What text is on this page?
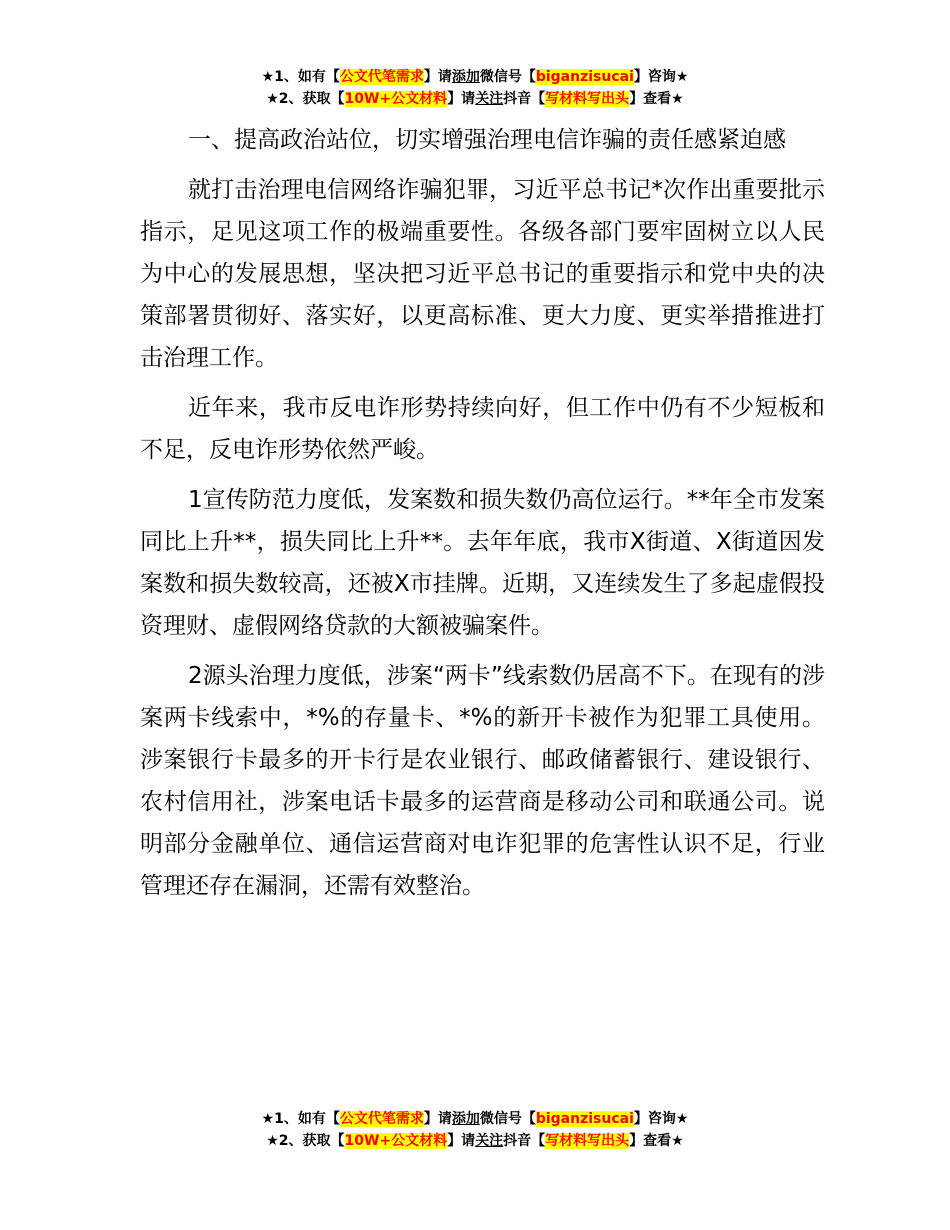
★1、如有【公文代笔需求】请添加微信号【biganzisucai】咨询★
★2、获取【10W+公文材料】请关注抖音【写材料写出头】查看★

一、提高政治站位，切实增强治理电信诈骗的责任感紧迫感

就打击治理电信网络诈骗犯罪，习近平总书记*次作出重要批示指示，足见这项工作的极端重要性。各级各部门要牢固树立以人民为中心的发展思想，坚决把习近平总书记的重要指示和党中央的决策部署贯彻好、落实好，以更高标准、更大力度、更实举措推进打击治理工作。

近年来，我市反电诈形势持续向好，但工作中仍有不少短板和不足，反电诈形势依然严峻。

1宣传防范力度低，发案数和损失数仍高位运行。**年全市发案同比上升**，损失同比上升**。去年年底，我市X街道、X街道因发案数和损失数较高，还被X市挂牌。近期，又连续发生了多起虚假投资理财、虚假网络贷款的大额被骗案件。

2源头治理力度低，涉案“两卡”线索数仍居高不下。在现有的涉案两卡线索中，*%的存量卡、*%的新开卡被作为犯罪工具使用。涉案银行卡最多的开卡行是农业银行、邮政储蓄银行、建设银行、农村信用社，涉案电话卡最多的运营商是移动公司和联通公司。说明部分金融单位、通信运营商对电诈犯罪的危害性认识不足，行业管理还存在漏洞，还需有效整治。

★1、如有【公文代笔需求】请添加微信号【biganzisucai】咨询★
★2、获取【10W+公文材料】请关注抖音【写材料写出头】查看★
